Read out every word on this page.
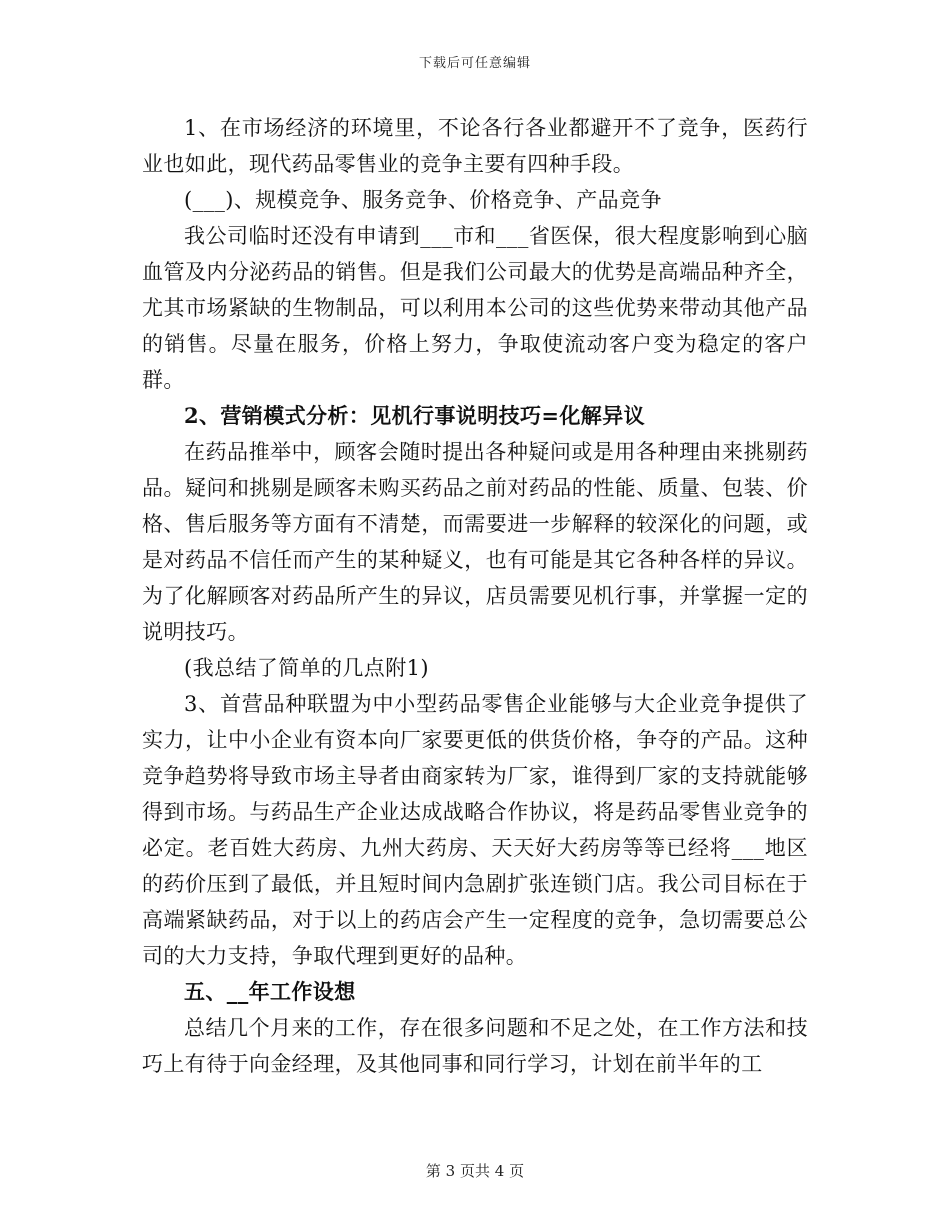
下载后可任意编辑

1、在市场经济的环境里，不论各行各业都避开不了竞争，医药行业也如此，现代药品零售业的竞争主要有四种手段。

(___)、规模竞争、服务竞争、价格竞争、产品竞争

我公司临时还没有申请到___市和___省医保，很大程度影响到心脑血管及内分泌药品的销售。但是我们公司最大的优势是高端品种齐全，尤其市场紧缺的生物制品，可以利用本公司的这些优势来带动其他产品的销售。尽量在服务，价格上努力，争取使流动客户变为稳定的客户群。

2、营销模式分析：见机行事说明技巧=化解异议

在药品推举中，顾客会随时提出各种疑问或是用各种理由来挑剔药品。疑问和挑剔是顾客未购买药品之前对药品的性能、质量、包装、价格、售后服务等方面有不清楚，而需要进一步解释的较深化的问题，或是对药品不信任而产生的某种疑义，也有可能是其它各种各样的异议。为了化解顾客对药品所产生的异议，店员需要见机行事，并掌握一定的说明技巧。

(我总结了简单的几点附1)

3、首营品种联盟为中小型药品零售企业能够与大企业竞争提供了实力，让中小企业有资本向厂家要更低的供货价格，争夺的产品。这种竞争趋势将导致市场主导者由商家转为厂家，谁得到厂家的支持就能够得到市场。与药品生产企业达成战略合作协议，将是药品零售业竞争的必定。老百姓大药房、九州大药房、天天好大药房等等已经将___地区的药价压到了最低，并且短时间内急剧扩张连锁门店。我公司目标在于高端紧缺药品，对于以上的药店会产生一定程度的竞争，急切需要总公司的大力支持，争取代理到更好的品种。

五、__年工作设想

总结几个月来的工作，存在很多问题和不足之处，在工作方法和技巧上有待于向金经理，及其他同事和同行学习，计划在前半年的工

第 3 页共 4 页
